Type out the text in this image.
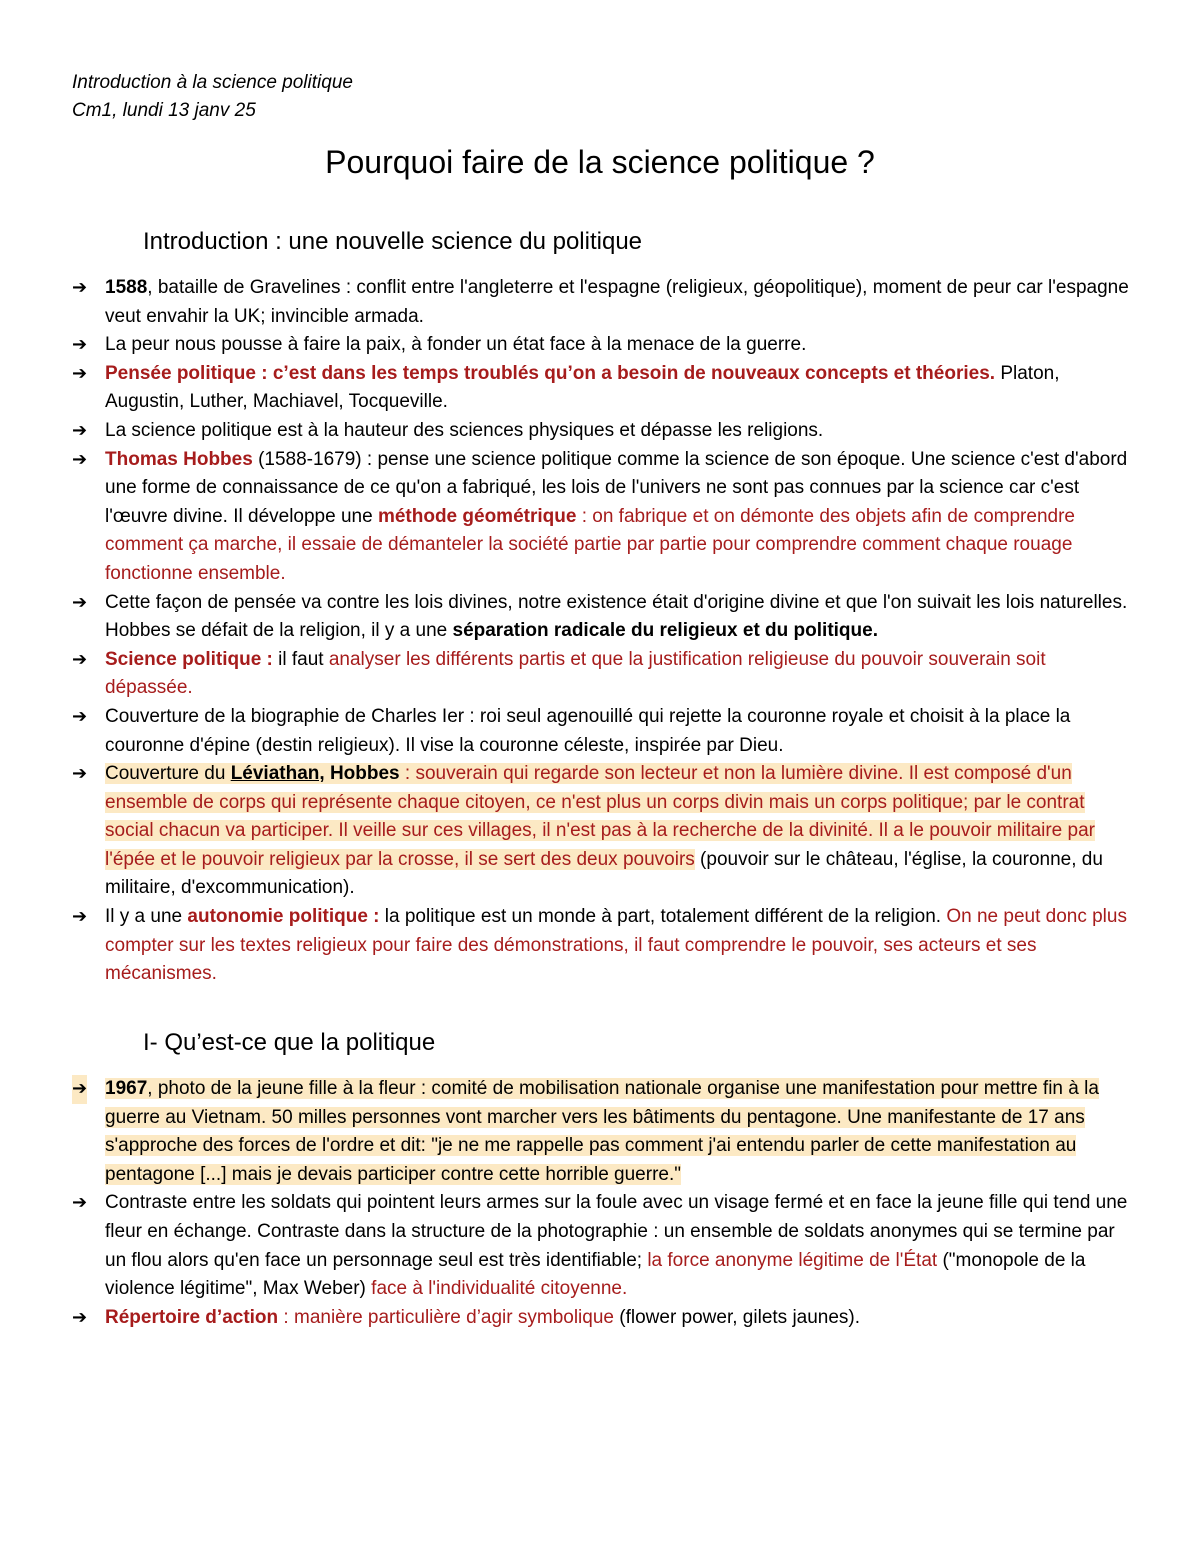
Introduction à la science politique
Cm1, lundi 13 janv 25
Pourquoi faire de la science politique ?
Introduction : une nouvelle science du politique
➔ 1588, bataille de Gravelines : conflit entre l'angleterre et l'espagne (religieux, géopolitique), moment de peur car l'espagne veut envahir la UK; invincible armada.
➔ La peur nous pousse à faire la paix, à fonder un état face à la menace de la guerre.
➔ Pensée politique : c’est dans les temps troublés qu’on a besoin de nouveaux concepts et théories. Platon, Augustin, Luther, Machiavel, Tocqueville.
➔ La science politique est à la hauteur des sciences physiques et dépasse les religions.
➔ Thomas Hobbes (1588-1679) : pense une science politique comme la science de son époque. Une science c'est d'abord une forme de connaissance de ce qu'on a fabriqué, les lois de l'univers ne sont pas connues par la science car c'est l'œuvre divine. Il développe une méthode géométrique : on fabrique et on démonte des objets afin de comprendre comment ça marche, il essaie de démanteler la société partie par partie pour comprendre comment chaque rouage fonctionne ensemble.
➔ Cette façon de pensée va contre les lois divines, notre existence était d'origine divine et que l'on suivait les lois naturelles. Hobbes se défait de la religion, il y a une séparation radicale du religieux et du politique.
➔ Science politique : il faut analyser les différents partis et que la justification religieuse du pouvoir souverain soit dépassée.
➔ Couverture de la biographie de Charles Ier : roi seul agenouillé qui rejette la couronne royale et choisit à la place la couronne d'épine (destin religieux). Il vise la couronne céleste, inspirée par Dieu.
➔ Couverture du Léviathan, Hobbes : souverain qui regarde son lecteur et non la lumière divine. Il est composé d'un ensemble de corps qui représente chaque citoyen, ce n'est plus un corps divin mais un corps politique; par le contrat social chacun va participer. Il veille sur ces villages, il n'est pas à la recherche de la divinité. Il a le pouvoir militaire par l'épée et le pouvoir religieux par la crosse, il se sert des deux pouvoirs (pouvoir sur le château, l'église, la couronne, du militaire, d'excommunication).
➔ Il y a une autonomie politique : la politique est un monde à part, totalement différent de la religion. On ne peut donc plus compter sur les textes religieux pour faire des démonstrations, il faut comprendre le pouvoir, ses acteurs et ses mécanismes.
I- Qu’est-ce que la politique
➔ 1967, photo de la jeune fille à la fleur : comité de mobilisation nationale organise une manifestation pour mettre fin à la guerre au Vietnam. 50 milles personnes vont marcher vers les bâtiments du pentagone. Une manifestante de 17 ans s'approche des forces de l'ordre et dit: "je ne me rappelle pas comment j'ai entendu parler de cette manifestation au pentagone [...] mais je devais participer contre cette horrible guerre."
➔ Contraste entre les soldats qui pointent leurs armes sur la foule avec un visage fermé et en face la jeune fille qui tend une fleur en échange. Contraste dans la structure de la photographie : un ensemble de soldats anonymes qui se termine par un flou alors qu'en face un personnage seul est très identifiable; la force anonyme légitime de l'État ("monopole de la violence légitime", Max Weber) face à l'individualité citoyenne.
➔ Répertoire d’action : manière particulière d’agir symbolique (flower power, gilets jaunes).
